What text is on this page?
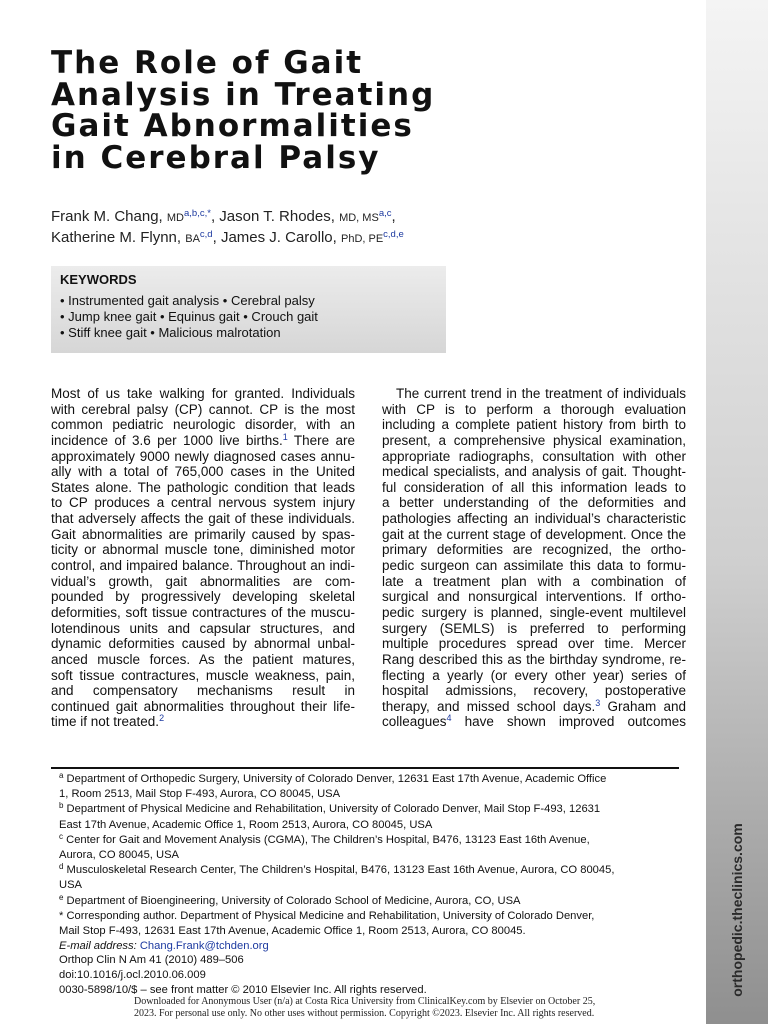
orthopedic.theclinics.com
The Role of Gait
Analysis in Treating
Gait Abnormalities
in Cerebral Palsy
Frank M. Chang, $MD^{a,b,c,*}$, Jason T. Rhodes, MD, MS$^{a,c}$,
Katherine M. Flynn, BA$^{c,d}$, James J. Carollo, PhD, PE$^{c,d,e}$
KEYWORDS
• Instrumented gait analysis • Cerebral palsy
• Jump knee gait • Equinus gait • Crouch gait
• Stiff knee gait • Malicious malrotation
Most of us take walking for granted. Individuals
with cerebral palsy (CP) cannot. CP is the most
common pediatric neurologic disorder, with an
incidence of 3.6 per 1000 live births.$^1$ There are
approximately 9000 newly diagnosed cases annu-
ally with a total of 765,000 cases in the United
States alone. The pathologic condition that leads
to CP produces a central nervous system injury
that adversely affects the gait of these individuals.
Gait abnormalities are primarily caused by spas-
ticity or abnormal muscle tone, diminished motor
control, and impaired balance. Throughout an indi-
vidual’s growth, gait abnormalities are com-
pounded by progressively developing skeletal
deformities, soft tissue contractures of the muscu-
lotendinous units and capsular structures, and
dynamic deformities caused by abnormal unbal-
anced muscle forces. As the patient matures,
soft tissue contractures, muscle weakness, pain,
and compensatory mechanisms result in
continued gait abnormalities throughout their life-
time if not treated.$^2$
The current trend in the treatment of individuals
with CP is to perform a thorough evaluation
including a complete patient history from birth to
present, a comprehensive physical examination,
appropriate radiographs, consultation with other
medical specialists, and analysis of gait. Thought-
ful consideration of all this information leads to
a better understanding of the deformities and
pathologies affecting an individual’s characteristic
gait at the current stage of development. Once the
primary deformities are recognized, the ortho-
pedic surgeon can assimilate this data to formu-
late a treatment plan with a combination of
surgical and nonsurgical interventions. If ortho-
pedic surgery is planned, single-event multilevel
surgery (SEMLS) is preferred to performing
multiple procedures spread over time. Mercer
Rang described this as the birthday syndrome, re-
flecting a yearly (or every other year) series of
hospital admissions, recovery, postoperative
therapy, and missed school days.$^3$ Graham and
colleagues$^4$ have shown improved outcomes
$^a$ Department of Orthopedic Surgery, University of Colorado Denver, 12631 East 17th Avenue, Academic Office
1, Room 2513, Mail Stop F-493, Aurora, CO 80045, USA
$^b$ Department of Physical Medicine and Rehabilitation, University of Colorado Denver, Mail Stop F-493, 12631
East 17th Avenue, Academic Office 1, Room 2513, Aurora, CO 80045, USA
$^c$ Center for Gait and Movement Analysis (CGMA), The Children’s Hospital, B476, 13123 East 16th Avenue,
Aurora, CO 80045, USA
$^d$ Musculoskeletal Research Center, The Children’s Hospital, B476, 13123 East 16th Avenue, Aurora, CO 80045,
USA
$^e$ Department of Bioengineering, University of Colorado School of Medicine, Aurora, CO, USA
* Corresponding author. Department of Physical Medicine and Rehabilitation, University of Colorado Denver,
Mail Stop F-493, 12631 East 17th Avenue, Academic Office 1, Room 2513, Aurora, CO 80045.
E-mail address: Chang.Frank@tchden.org
Orthop Clin N Am 41 (2010) 489–506
doi:10.1016/j.ocl.2010.06.009
0030-5898/10/$ – see front matter © 2010 Elsevier Inc. All rights reserved.
Downloaded for Anonymous User (n/a) at Costa Rica University from ClinicalKey.com by Elsevier on October 25,
2023. For personal use only. No other uses without permission. Copyright ©2023. Elsevier Inc. All rights reserved.
